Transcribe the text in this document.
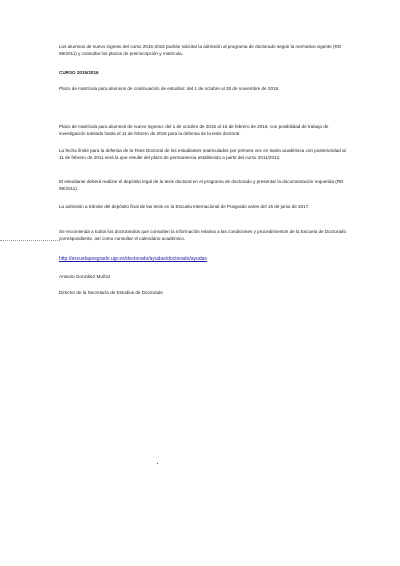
Los alumnos de nuevo ingreso del curso 2015-2016 podrán solicitar la admisión al programa de doctorado según la normativa vigente (RD 99/2011) y consultar los plazos de preinscripción y matrícula.

CURSO 2015/2016

Plazo de matrícula para alumnos de continuación de estudios: del 1 de octubre al 30 de noviembre de 2015.

Plazo de matrícula para alumnos de nuevo ingreso: del 1 de octubre de 2015 al 15 de febrero de 2016, con posibilidad de trabajo de investigación tutelado hasta el 11 de febrero de 2016 para la defensa de la tesis doctoral.

La fecha límite para la defensa de la Tesis Doctoral de los estudiantes matriculados por primera vez en tutela académica con posterioridad al 11 de febrero de 2011 será la que resulte del plazo de permanencia establecido a partir del curso 2011/2012.

El estudiante deberá realizar el depósito legal de la tesis doctoral en el programa de doctorado y presentar la documentación requerida (RD 99/2011).

La admisión a trámite del depósito final de las tesis en la Escuela Internacional de Posgrado antes del 15 de junio de 2017.

Se recomienda a todos los doctorandos que consulten la información relativa a las condiciones y procedimientos de la Escuela de Doctorado correspondiente, así como consultar el calendario académico.

http://escuelaposgrado.ugr.es/doctorado/ayudas/doctorado/ayudas
Antonio González Muñoz
Director de la Secretaría de Estudios de Doctorado
